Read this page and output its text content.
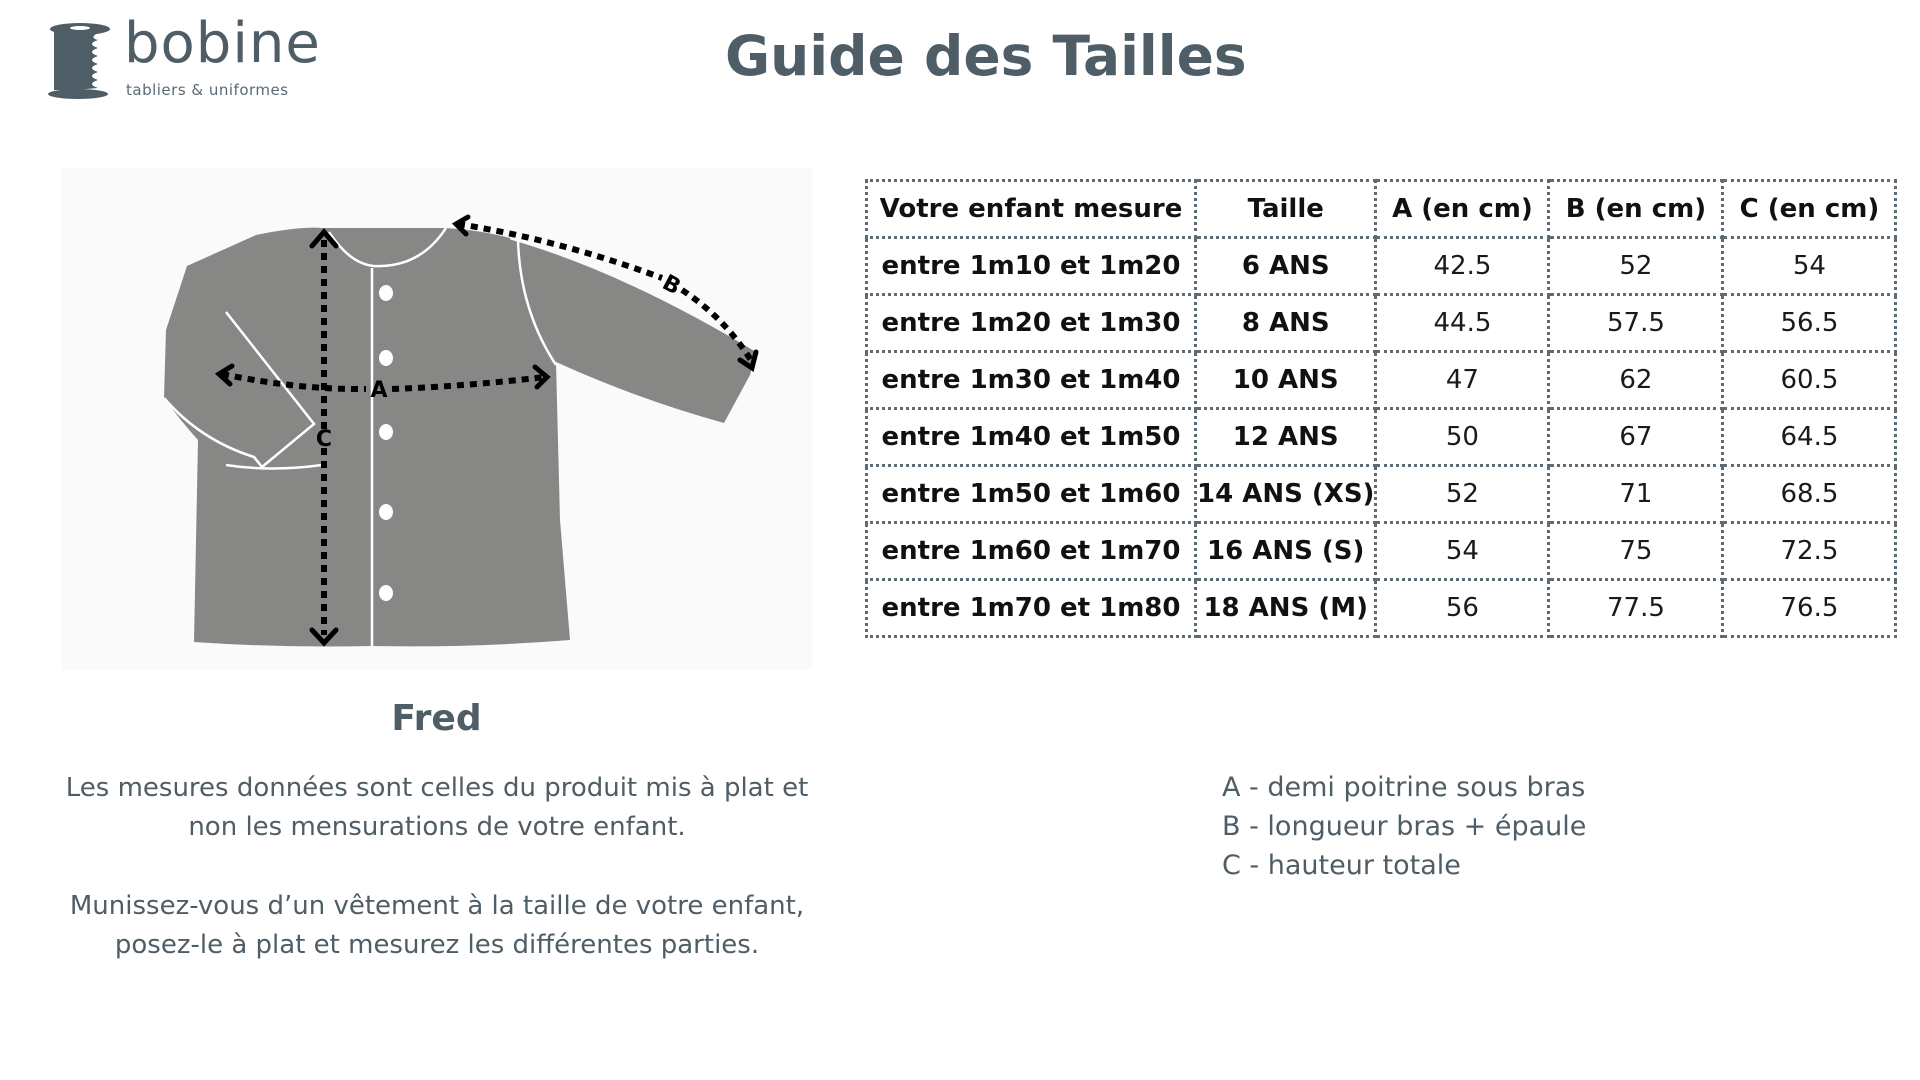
bobine
tabliers & uniformes
Guide des Tailles
C
A
B
Fred
Les mesures données sont celles du produit mis à plat et
non les mensurations de votre enfant.
Munissez-vous d’un vêtement à la taille de votre enfant,
posez-le à plat et mesurez les différentes parties.
Votre enfant mesure	Taille	A (en cm)	B (en cm)	C (en cm)
entre 1m10 et 1m20	6 ANS	42.5	52	54
entre 1m20 et 1m30	8 ANS	44.5	57.5	56.5
entre 1m30 et 1m40	10 ANS	47	62	60.5
entre 1m40 et 1m50	12 ANS	50	67	64.5
entre 1m50 et 1m60	14 ANS (XS)	52	71	68.5
entre 1m60 et 1m70	16 ANS (S)	54	75	72.5
entre 1m70 et 1m80	18 ANS (M)	56	77.5	76.5
A - demi poitrine sous bras
B - longueur bras + épaule
C - hauteur totale
